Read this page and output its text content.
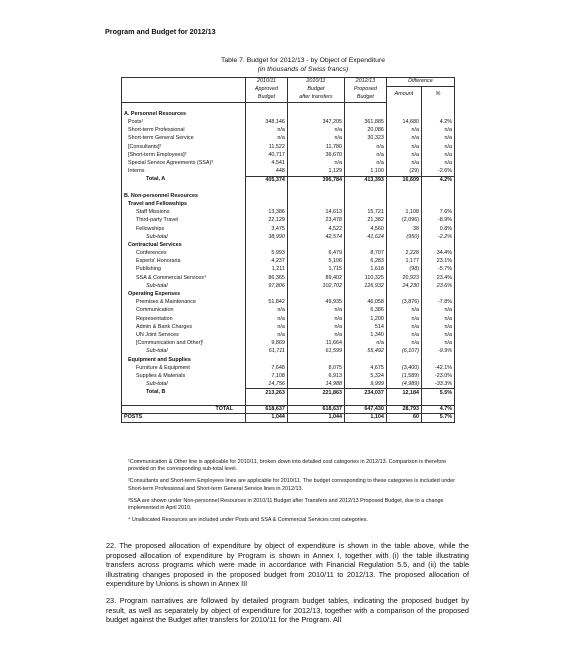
Program and Budget for 2012/13
Table 7. Budget for 2012/13 - by Object of Expenditure
(in thousands of Swiss francs)
	2010/11	2010/11	2012/13	Difference	
	Approved	Budget	Proposed	Amount	%
	Budget	after transfers	Budget		

A. Personnel Resources					
Posts¹	348,146	347,205	361,885	14,680	4.2%
Short-term Professional	n/a	n/a	20,086	n/a	n/a
Short-term General Service	n/a	n/a	30,323	n/a	n/a
[Consultants]²	11,522	11,780	n/a	n/a	n/a
[Short-term Employees]²	40,717	36,670	n/a	n/a	n/a
Special Service Agreements (SSA)³	4,541	n/a	n/a	n/a	n/a
Interns	448	1,129	1,100	(29)	-2.6%
Total, A	405,374	396,784	413,393	16,609	4.2%

B. Non-personnel Resources					
Travel and Fellowships					
Staff Missions	13,386	14,613	15,721	1,108	7.6%
Third-party Travel	22,129	23,478	21,382	(2,096)	-8.9%
Fellowships	3,475	4,522	4,560	38	0.8%
Sub-total	38,990	42,574	41,624	(950)	-2.2%
Contractual Services					
Conferences	5,993	6,479	8,707	2,228	34.4%
Experts' Honoraria	4,237	5,106	6,283	1,177	23.1%
Publishing	1,211	1,715	1,618	(98)	-5.7%
SSA & Commercial Services⁴	86,365	89,402	110,325	20,923	23.4%
Sub-total	97,806	102,702	126,932	24,230	23.6%
Operating Expenses					
Premises & Maintenance	51,842	49,935	46,058	(3,876)	-7.8%
Communication	n/a	n/a	6,386	n/a	n/a
Representation	n/a	n/a	1,200	n/a	n/a
Admin & Bank Charges	n/a	n/a	514	n/a	n/a
UN Joint Services	n/a	n/a	1,340	n/a	n/a
[Communication and Other]¹	9,869	11,664	n/a	n/a	n/a
Sub-total	61,711	61,599	55,492	(6,107)	-9.9%
Equipment and Supplies					
Furniture & Equipment	7,648	8,075	4,675	(3,400)	-42.1%
Supplies & Materials	7,108	6,913	5,324	(1,589)	-23.0%
Sub-total	14,756	14,988	9,999	(4,989)	-33.3%
Total, B	213,263	221,863	234,037	12,184	5.5%

TOTAL	618,637	618,637	647,430	28,793	4.7%
POSTS	1,044	1,044	1,104	60	5.7%

¹Communication & Other line is applicable for 2010/11, broken down into detailed cost categories in 2012/13. Comparison is therefore provided on the corresponding sub-total level.

²Consultants and Short-term Employees lines are applicable for 2010/11. The budget corresponding to these categories is included under Short-term Professional and Short-term General Service lines in 2012/13.

³SSA are shown under Non-personnel Resources in 2010/11 Budget after Transfers and 2012/13 Proposed Budget, due to a change implemented in April 2010.

⁴ Unallocated Resources are included under Posts and SSA & Commercial Services cost categories.

22. The proposed allocation of expenditure by object of expenditure is shown in the table above, while the proposed allocation of expenditure by Program is shown in Annex I, together with (i) the table illustrating transfers across programs which were made in accordance with Financial Regulation 5.5, and (ii) the table illustrating changes proposed in the proposed budget from 2010/11 to 2012/13. The proposed allocation of expenditure by Unions is shown in Annex III

23. Program narratives are followed by detailed program budget tables, indicating the proposed budget by result, as well as separately by object of expenditure for 2012/13, together with a comparison of the proposed budget against the Budget after transfers for 2010/11 for the Program. All
